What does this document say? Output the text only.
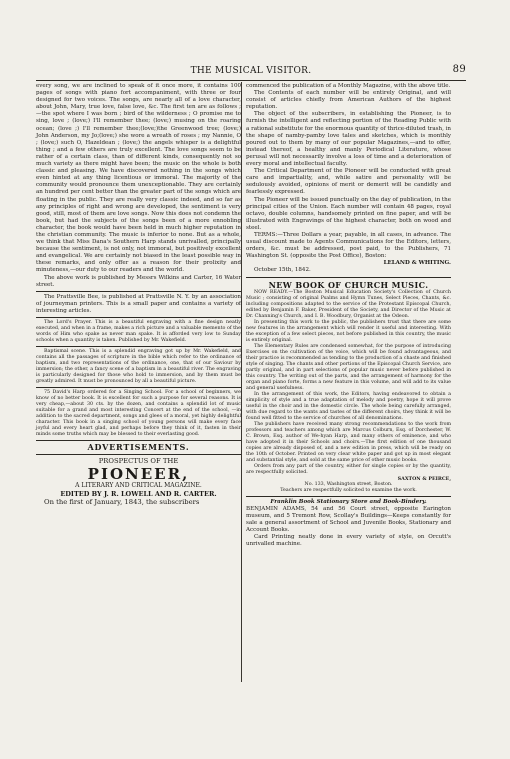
THE MUSICAL VISITOR.	89

every song, we are inclined to speak of it once more, it contains 100 pages of songs with piano fort accompaniment, with three or four designed for two voices. The songs, are nearly all of a love character, about John, Mary, true love, false love, &c. The first ten are as follows ;—the spot where I was born ; bird of the wilderness ; O promise me to sing, love ; (love;) I'll remember thee; (love;) musing on the roaring ocean; (love ;) I'll remember thee;(love;)the Greenwood tree; (love;) John Anderson, my Jo;(love;) she wore a wreath of roses ; my Nannie, O ; (love;) such O, Hazeldean ; (love;) the angels whisper is a delightful thing ; and a few others are truly excellent. The love songs seem to be rather of a certain class, than of different kinds, consequently not so much variety as there might have been; the music on the whole is both classic and pleasing. We have discovered nothing in the songs which even hinted at any thing licentious or immoral. The majority of the community would pronounce them unexceptionable. They are certainly an hundred per cent better than the greater part of the songs which are floating in the public. They are really very classic indeed, and so far as any principles of right and wrong are developed, the sentiment is very good, still, most of them are love songs. Now this does not condemn the book, but had the subjects of the songs been of a more ennobling character, the book would have been held in much higher reputation in the christian community. The music is inferior to none. But as a whole, we think that Miss Dana's Southern Harp stands unrivalled, principally because the sentiment, is not only, not immoral, but positively excellent and evangelical. We are certainly not biased in the least possible way in these remarks, and only offer as a reason for their prolixity and minuteness,—our duty to our readers and the world.

The above work is published by Messrs Wilkins and Carter, 16 Water street.

The Prattsville Bee, is published at Prattsville N. Y. by an association of journeyman printers. This is a small paper and contains a variety of interesting articles.

The Lord's Prayer. This is a beautiful engraving with a fine design neatly executed, and when in a frame, makes a rich picture and a valuable memento of the words of Him who spake as never man spake. It is afforded very low to Sunday schools when a quantity is taken. Published by Mr. Wakefield.

Baptismal scene. This is a splendid engraving got up by Mr. Wakefield, and contains all the passages of scripture in the bible which refer to the ordinance of baptism, and two representations of the ordinance, one, that of our Saviour by immersion; the other, a fancy scene of a baptism in a beautiful river. The engraving is particularly designed for those who hold to immersion, and by them must be greatly admired. It must be pronounced by all a beautiful picture.

75 David's Harp ordered for a Singing School. For a school of beginners, we know of no better book. It is excellent for such a purpose for several reasons. It is very cheap,—about 30 cts. by the dozen, and contains a splendid lot of music suitable for a grand and most interesting Concert at the end of the school, —in addition to the sacred department, songs and glees of a moral, yet highly delightful character. This book in a singing school of young persons will make every face joyful and every heart glad, and perhaps before they think of it, fasten in their minds some truths which may be blessed to their everlasting good.

ADVERTISEMENTS.
PROSPECTUS OF THE
PIONEER,
A LITERARY AND CRITICAL MAGAZINE.
EDITED BY J. R. LOWELL AND R. CARTER.

On the first of January, 1843, the subscribers

commenced the publication of a Monthly Magazine, with the above title.

The Contents of each number will be entirely Original, and will consist of articles chiefly from American Authors of the highest reputation.

The object of the subscribers, in establishing the Pioneer, is to furnish the intelligent and reflecting portion of the Reading Public with a rational substitute for the enormous quantity of thrice-diluted trash, in the shape of namby-pamby love tales and sketches, which is monthly poured out to them by many of our popular Magazines,—and to offer, instead thereof, a healthy and manly Periodical Literature, whose perusal will not necessarily involve a loss of time and a deterioration of every moral and intellectual faculty.

The Critical Department of the Pioneer will be conducted with great care and impartiality, and, while satire and personality will be sedulously avoided, opinions of merit or demerit will be candidly and fearlessly expressed.

The Pioneer will be issued punctually on the day of publication, in the principal cities of the Union. Each number will contain 48 pages, royal octavo, double columns, handsomely printed on fine paper, and will be illustrated with Engravings of the highest character, both on wood and steel.

TERMS:—Three Dollars a year, payable, in all cases, in advance. The usual discount made to Agents Communications for the Editors, letters, orders, &c. must be addressed, post paid, to the Publishers, 71 Washington St. (opposite the Post Office), Boston:

LELAND & WHITING.

October 15th, 1842.

NEW BOOK OF CHURCH MUSIC.

NOW READY.—The Boston Musical Education Society's Collection of Church Music ; consisting of original Psalms and Hymn Tunes, Select Pieces, Chants, &c. including compositions adapted to the service of the Protestant Episcopal Church, edited by Benjamin F. Baker, President of the Society, and Director of the Music at Dr. Channing's Church, and I. B. Woodbury, Organist at the Odeon.

In presenting this work to the public, the publishers trust that there are some new features in the arrangement which will render it useful and interesting. With the exception of a few select pieces, not before published in this country, the music is entirely original.

The Elementary Rules are condensed somewhat, for the purpose of introducing Exercises on the cultivation of the voice, which will be found advantageous, and their practice is recommended as tending to the production of a chaste and finished style of singing. The chants and other portions of the Episcopal Church Service, are partly original, and in part selections of popular music never before published in this country. The writing out of the parts, and the arrangement of harmony for the organ and piano forte, forms a new feature in this volume, and will add to its value and general usefulness.

In the arrangement of this work, the Editors, having endeavored to obtain a simplicity of style and a true adaptation of melody and poetry, hope it will prove useful in the choir and in the domestic circle. The whole being carefully arranged, with due regard to the wants and tastes of the different choirs, they think it will be found well fitted to the service of churches of all denominations.

The publishers have received many strong recommendations to the work from professors and teachers among which are Marcus Colburn, Esq. of Dorchester, W. C. Brown, Esq. author of We-hyan Harp, and many others of eminence, and who have adopted it in their Schools and choirs.—The first edition of one thousand copies are already disposed of, and a new edition in press, which will be ready on the 10th of October. Printed on very clear white paper and got up in most elegant and substantial style, and sold at the same price of other music books.

Orders from any part of the country, either for single copies or by the quantity, are respectfully solicited.

SAXTON & PEIRCE,

No. 133, Washington street, Boston.

Teachers are respectfully solicited to examine the work.

Franklin Book Stationary Store and Book-Bindery.

BENJAMIN ADAMS, 54 and 56 Court street, opposite Earington museum, and 5 Tremont Row, Scollay's Buildings—Keeps constantly for sale a general assortment of School and Juvenile Books, Stationary and Account Books.

Card Printing neatly done in every variety of style, on Orcutt's unrivalled machine.
